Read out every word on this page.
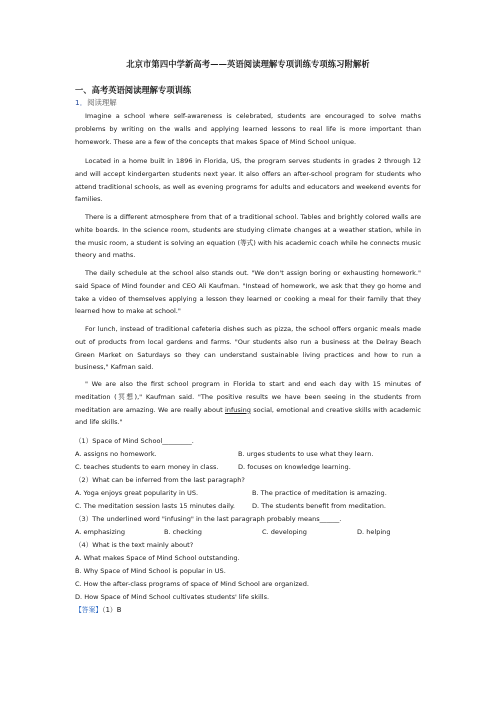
北京市第四中学新高考——英语阅读理解专项训练专项练习附解析
一、高考英语阅读理解专项训练
1．阅读理解

Imagine a school where self-awareness is celebrated, students are encouraged to solve maths problems by writing on the walls and applying learned lessons to real life is more important than homework. These are a few of the concepts that makes Space of Mind School unique.

Located in a home built in 1896 in Florida, US, the program serves students in grades 2 through 12 and will accept kindergarten students next year. It also offers an after-school program for students who attend traditional schools, as well as evening programs for adults and educators and weekend events for families.

There is a different atmosphere from that of a traditional school. Tables and brightly colored walls are white boards. In the science room, students are studying climate changes at a weather station, while in the music room, a student is solving an equation (等式) with his academic coach while he connects music theory and maths.

The daily schedule at the school also stands out. "We don't assign boring or exhausting homework." said Space of Mind founder and CEO Ali Kaufman. "Instead of homework, we ask that they go home and take a video of themselves applying a lesson they learned or cooking a meal for their family that they learned how to make at school."

For lunch, instead of traditional cafeteria dishes such as pizza, the school offers organic meals made out of products from local gardens and farms. "Our students also run a business at the Delray Beach Green Market on Saturdays so they can understand sustainable living practices and how to run a business," Kafman said.

" We are also the first school program in Florida to start and end each day with 15 minutes of meditation (冥想)," Kaufman said. "The positive results we have been seeing in the students from meditation are amazing. We are really about infusing social, emotional and creative skills with academic and life skills."

（1）Space of Mind School_________.
A. assigns no homework.	B. urges students to use what they learn.
C. teaches students to earn money in class.	D. focuses on knowledge learning.
（2）What can be inferred from the last paragraph?
A. Yoga enjoys great popularity in US.	B. The practice of meditation is amazing.
C. The meditation session lasts 15 minutes daily.	D. The students benefit from meditation.
（3）The underlined word "infusing" in the last paragraph probably means______.
A. emphasizing	B. checking	C. developing	D. helping
（4）What is the text mainly about?
A. What makes Space of Mind School outstanding.
B. Why Space of Mind School is popular in US.
C. How the after-class programs of space of Mind School are organized.
D. How Space of Mind School cultivates students' life skills.
【答案】（1）B
